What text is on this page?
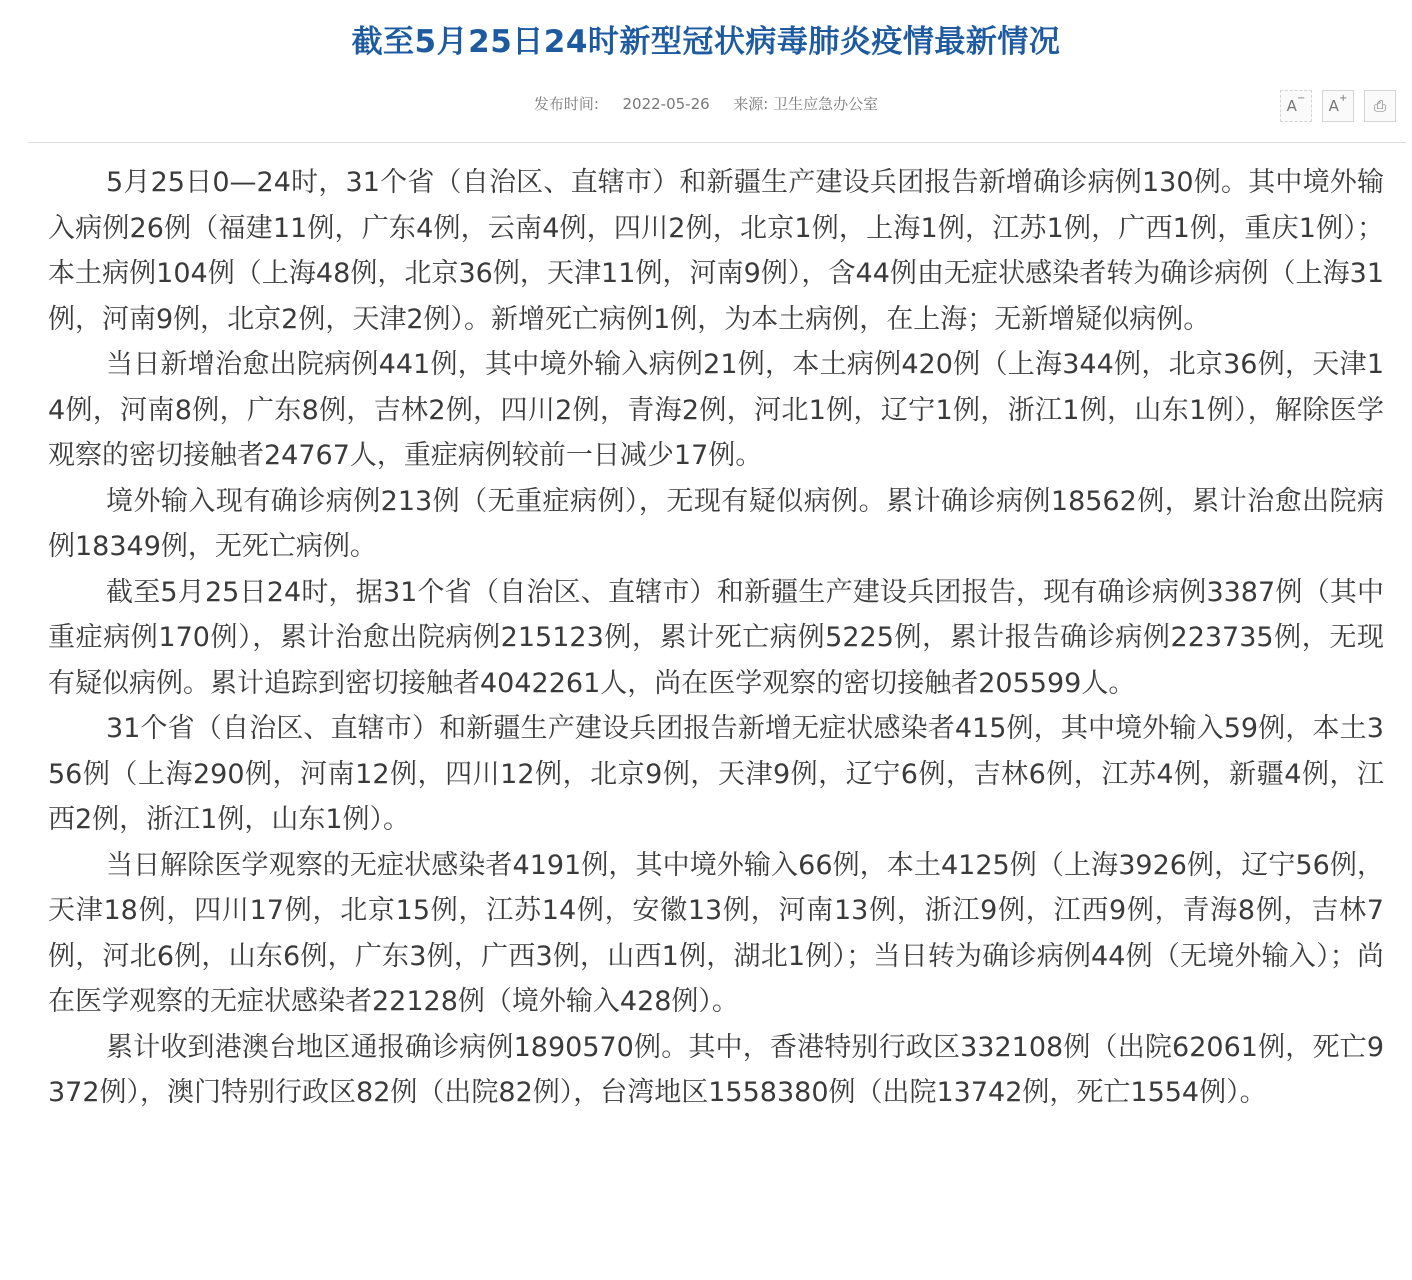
截至5月25日24时新型冠状病毒肺炎疫情最新情况
发布时间: 2022-05-26 来源: 卫生应急办公室	A− A+ ⎙

5月25日0—24时，31个省（自治区、直辖市）和新疆生产建设兵团报告新增确诊病例130例。其中境外输入病例26例（福建11例，广东4例，云南4例，四川2例，北京1例，上海1例，江苏1例，广西1例，重庆1例）；本土病例104例（上海48例，北京36例，天津11例，河南9例），含44例由无症状感染者转为确诊病例（上海31例，河南9例，北京2例，天津2例）。新增死亡病例1例，为本土病例，在上海；无新增疑似病例。

当日新增治愈出院病例441例，其中境外输入病例21例，本土病例420例（上海344例，北京36例，天津14例，河南8例，广东8例，吉林2例，四川2例，青海2例，河北1例，辽宁1例，浙江1例，山东1例），解除医学观察的密切接触者24767人，重症病例较前一日减少17例。

境外输入现有确诊病例213例（无重症病例），无现有疑似病例。累计确诊病例18562例，累计治愈出院病例18349例，无死亡病例。

截至5月25日24时，据31个省（自治区、直辖市）和新疆生产建设兵团报告，现有确诊病例3387例（其中重症病例170例），累计治愈出院病例215123例，累计死亡病例5225例，累计报告确诊病例223735例，无现有疑似病例。累计追踪到密切接触者4042261人，尚在医学观察的密切接触者205599人。

31个省（自治区、直辖市）和新疆生产建设兵团报告新增无症状感染者415例，其中境外输入59例，本土356例（上海290例，河南12例，四川12例，北京9例，天津9例，辽宁6例，吉林6例，江苏4例，新疆4例，江西2例，浙江1例，山东1例）。

当日解除医学观察的无症状感染者4191例，其中境外输入66例，本土4125例（上海3926例，辽宁56例，天津18例，四川17例，北京15例，江苏14例，安徽13例，河南13例，浙江9例，江西9例，青海8例，吉林7例，河北6例，山东6例，广东3例，广西3例，山西1例，湖北1例）；当日转为确诊病例44例（无境外输入）；尚在医学观察的无症状感染者22128例（境外输入428例）。

累计收到港澳台地区通报确诊病例1890570例。其中，香港特别行政区332108例（出院62061例，死亡9372例），澳门特别行政区82例（出院82例），台湾地区1558380例（出院13742例，死亡1554例）。
